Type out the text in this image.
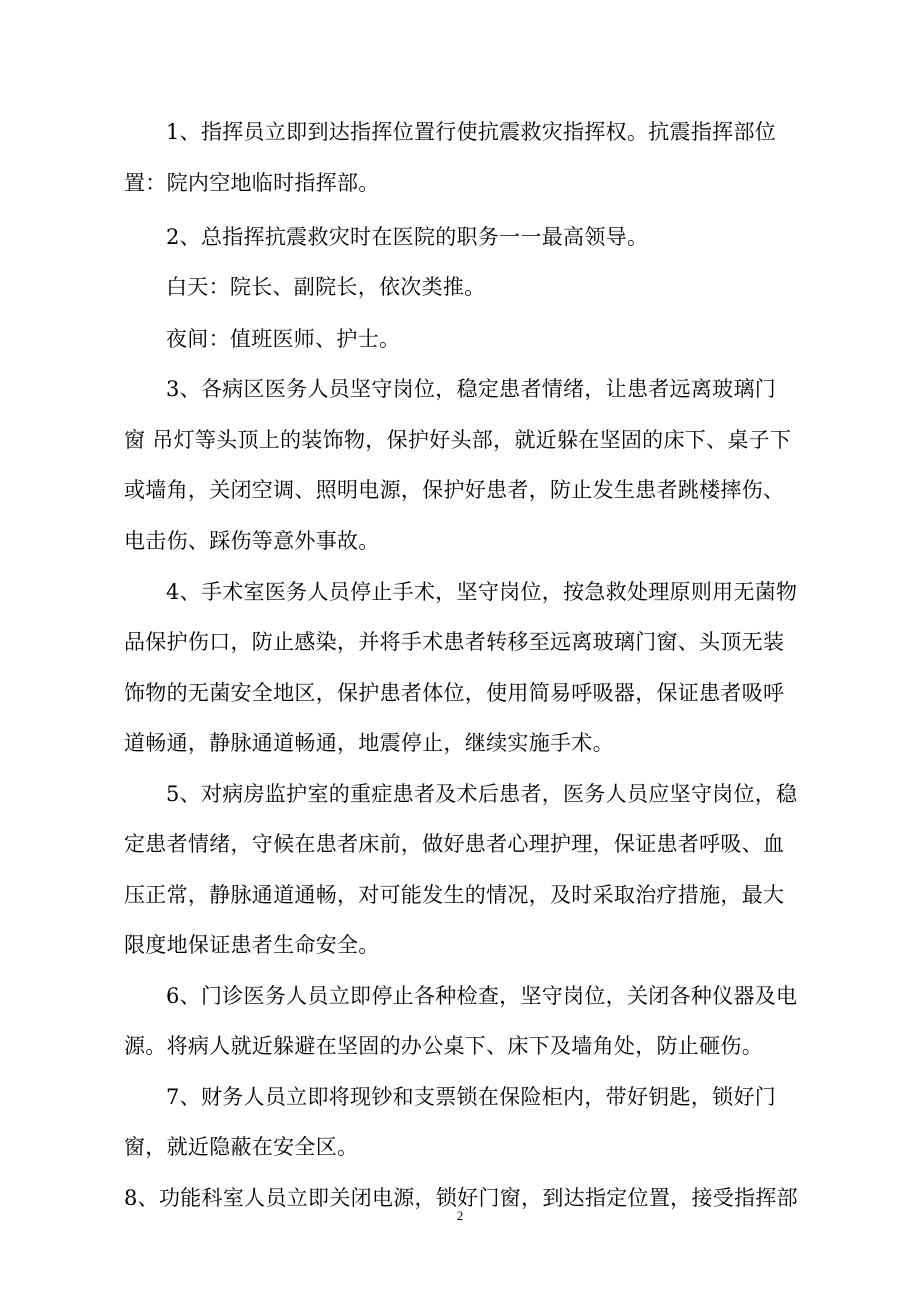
1、指挥员立即到达指挥位置行使抗震救灾指挥权。抗震指挥部位
置：院内空地临时指挥部。
2、总指挥抗震救灾时在医院的职务一一最高领导。
白天：院长、副院长，依次类推。
夜间：值班医师、护士。
3、各病区医务人员坚守岗位，稳定患者情绪，让患者远离玻璃门
窗 吊灯等头顶上的装饰物，保护好头部，就近躲在坚固的床下、桌子下
或墙角，关闭空调、照明电源，保护好患者，防止发生患者跳楼摔伤、
电击伤、踩伤等意外事故。
4、手术室医务人员停止手术，坚守岗位，按急救处理原则用无菌物
品保护伤口，防止感染，并将手术患者转移至远离玻璃门窗、头顶无装
饰物的无菌安全地区，保护患者体位，使用简易呼吸器，保证患者吸呼
道畅通，静脉通道畅通，地震停止，继续实施手术。
5、对病房监护室的重症患者及术后患者，医务人员应坚守岗位，稳
定患者情绪，守候在患者床前，做好患者心理护理，保证患者呼吸、血
压正常，静脉通道通畅，对可能发生的情况，及时采取治疗措施，最大
限度地保证患者生命安全。
6、门诊医务人员立即停止各种检查，坚守岗位，关闭各种仪器及电
源。将病人就近躲避在坚固的办公桌下、床下及墙角处，防止砸伤。
7、财务人员立即将现钞和支票锁在保险柜内，带好钥匙，锁好门
窗，就近隐蔽在安全区。
8、功能科室人员立即关闭电源，锁好门窗，到达指定位置，接受指挥部
2
